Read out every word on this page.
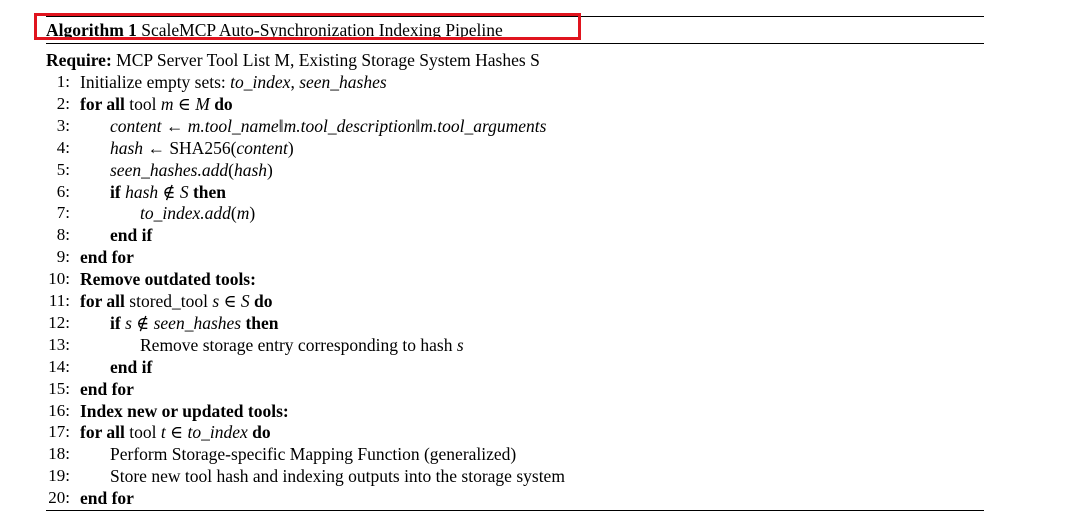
Algorithm 1 ScaleMCP Auto-Synchronization Indexing Pipeline
Require: MCP Server Tool List M, Existing Storage System Hashes S
1: Initialize empty sets: to_index, seen_hashes
2: for all tool m ∈ M do
3: content ← m.tool_name‖m.tool_description‖m.tool_arguments
4: hash ← SHA256(content)
5: seen_hashes.add(hash)
6: if hash ∉ S then
7:	to_index.add(m)
8: end if
9: end for
10: Remove outdated tools:
11: for all stored_tool s ∈ S do
12: if s ∉ seen_hashes then
13:	Remove storage entry corresponding to hash s
14: end if
15: end for
16: Index new or updated tools:
17: for all tool t ∈ to_index do
18: Perform Storage-specific Mapping Function (generalized)
19: Store new tool hash and indexing outputs into the storage system
20: end for
